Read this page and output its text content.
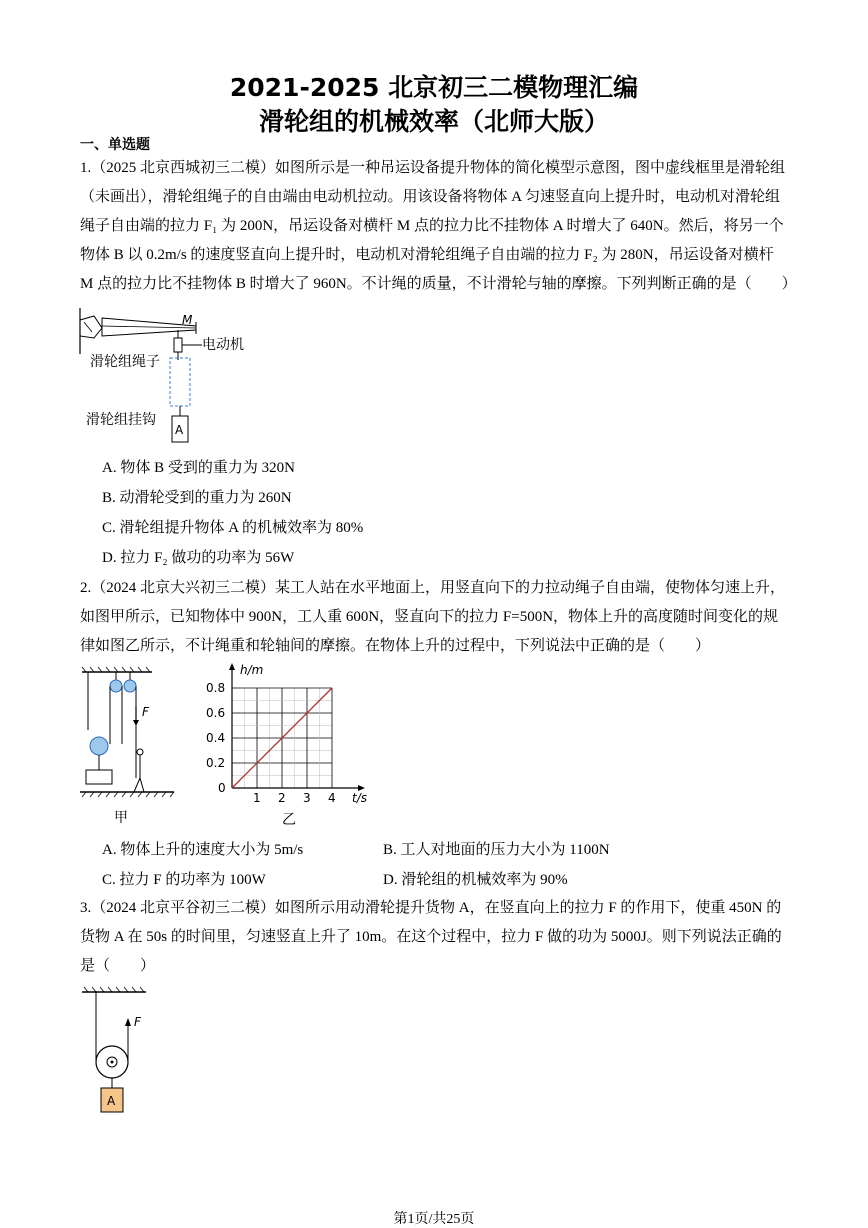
2021-2025 北京初三二模物理汇编
滑轮组的机械效率（北师大版）
一、单选题
1.（2025 北京西城初三二模）如图所示是一种吊运设备提升物体的简化模型示意图，图中虚线框里是滑轮组
（未画出），滑轮组绳子的自由端由电动机拉动。用该设备将物体 A 匀速竖直向上提升时，电动机对滑轮组
绳子自由端的拉力 F₁ 为 200N，吊运设备对横杆 M 点的拉力比不挂物体 A 时增大了 640N。然后，将另一个
物体 B 以 0.2m/s 的速度竖直向上提升时，电动机对滑轮组绳子自由端的拉力 F₂ 为 280N，吊运设备对横杆
M 点的拉力比不挂物体 B 时增大了 960N。不计绳的质量，不计滑轮与轴的摩擦。下列判断正确的是（　　）
M
电动机
滑轮组绳子
滑轮组挂钩
A
A. 物体 B 受到的重力为 320N
B. 动滑轮受到的重力为 260N
C. 滑轮组提升物体 A 的机械效率为 80%
D. 拉力 F₂ 做功的功率为 56W
2.（2024 北京大兴初三二模）某工人站在水平地面上，用竖直向下的力拉动绳子自由端，使物体匀速上升，
如图甲所示，已知物体中 900N，工人重 600N，竖直向下的拉力 F=500N，物体上升的高度随时间变化的规
律如图乙所示，不计绳重和轮轴间的摩擦。在物体上升的过程中，下列说法中正确的是（　　）
F
甲
h/m
t/s
0
1 2 3 4
0.2
0.4
0.6
0.8
乙
A. 物体上升的速度大小为 5m/s	B. 工人对地面的压力大小为 1100N
C. 拉力 F 的功率为 100W	D. 滑轮组的机械效率为 90%
3.（2024 北京平谷初三二模）如图所示用动滑轮提升货物 A，在竖直向上的拉力 F 的作用下，使重 450N 的
货物 A 在 50s 的时间里，匀速竖直上升了 10m。在这个过程中，拉力 F 做的功为 5000J。则下列说法正确的
是（　　）
F
A
第1页/共25页
